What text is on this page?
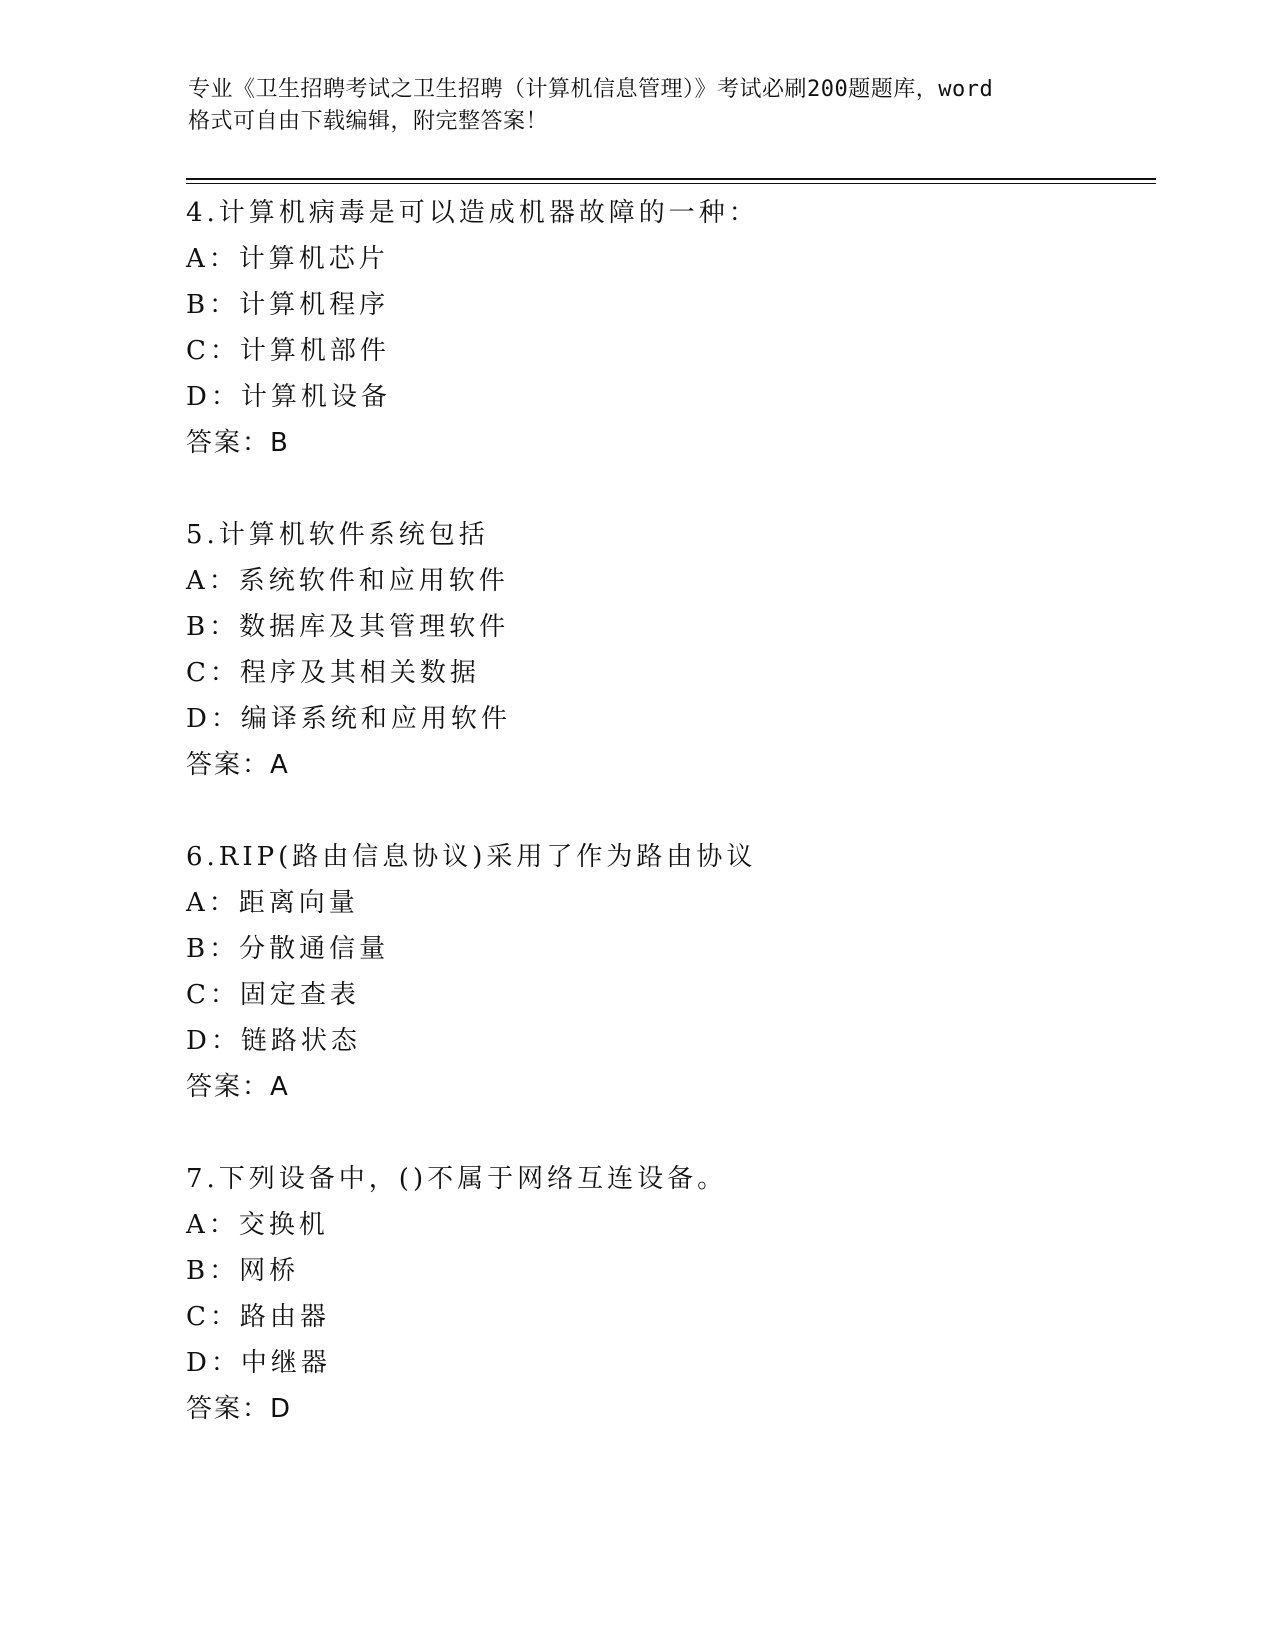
专业《卫生招聘考试之卫生招聘（计算机信息管理）》考试必刷200题题库，word
格式可自由下载编辑，附完整答案！
4.计算机病毒是可以造成机器故障的一种：
A：计算机芯片
B：计算机程序
C：计算机部件
D：计算机设备
答案：B
5.计算机软件系统包括
A：系统软件和应用软件
B：数据库及其管理软件
C：程序及其相关数据
D：编译系统和应用软件
答案：A
6.RIP(路由信息协议)采用了作为路由协议
A：距离向量
B：分散通信量
C：固定查表
D：链路状态
答案：A
7.下列设备中，()不属于网络互连设备。
A：交换机
B：网桥
C：路由器
D：中继器
答案：D
